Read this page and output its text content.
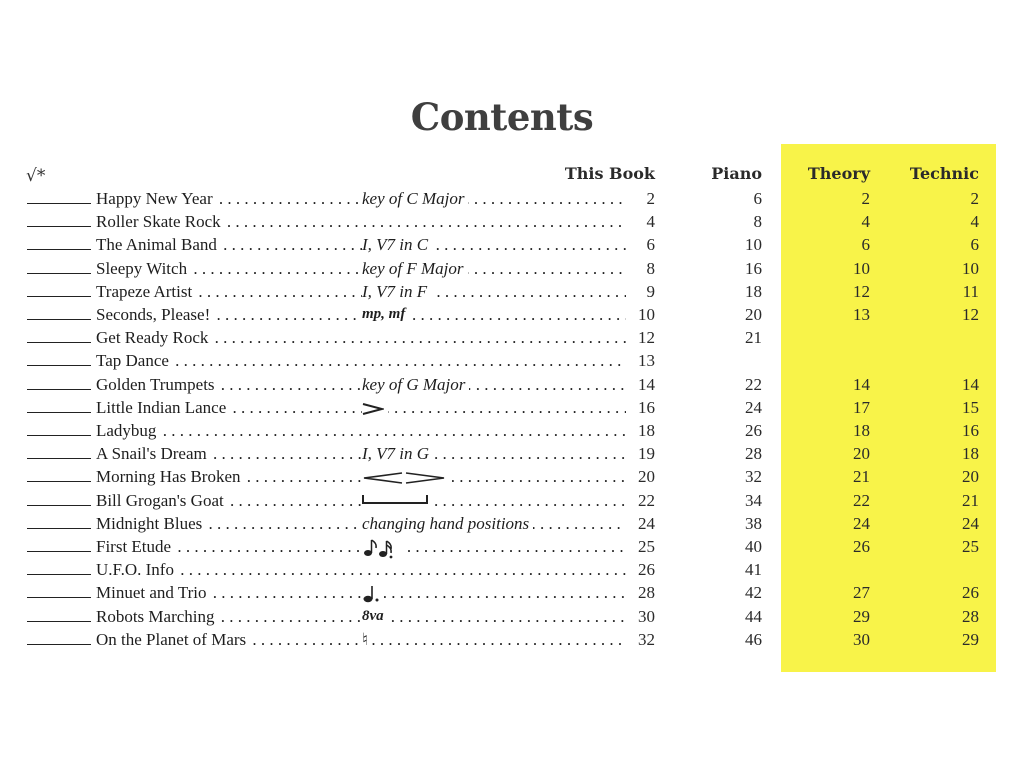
Contents
√*	This Book	Piano	Theory	Technic
Happy New Year . . .	key of C Major	2	6	2	2
Roller Skate Rock . . .	4	8	4	4
The Animal Band . . .	I, V7 in C	6	10	6	6
Sleepy Witch . . .	key of F Major	8	16	10	10
Trapeze Artist . . .	I, V7 in F	9	18	12	11
Seconds, Please! . . .	mp, mf	10	20	13	12
Get Ready Rock . . .	12	21
Tap Dance . . .	13
Golden Trumpets . . .	key of G Major	14	22	14	14
Little Indian Lance . . .	16	24	17	15
Ladybug . . .	18	26	18	16
A Snail's Dream . . .	I, V7 in G	19	28	20	18
Morning Has Broken . . .	20	32	21	20
Bill Grogan's Goat . . .	22	34	22	21
Midnight Blues . . .	changing hand positions	24	38	24	24
First Etude . . .	25	40	26	25
U.F.O. Info . . .	26	41
Minuet and Trio . . .	28	42	27	26
Robots Marching . . .	8va	30	44	29	28
On the Planet of Mars . . .	♮	32	46	30	29
